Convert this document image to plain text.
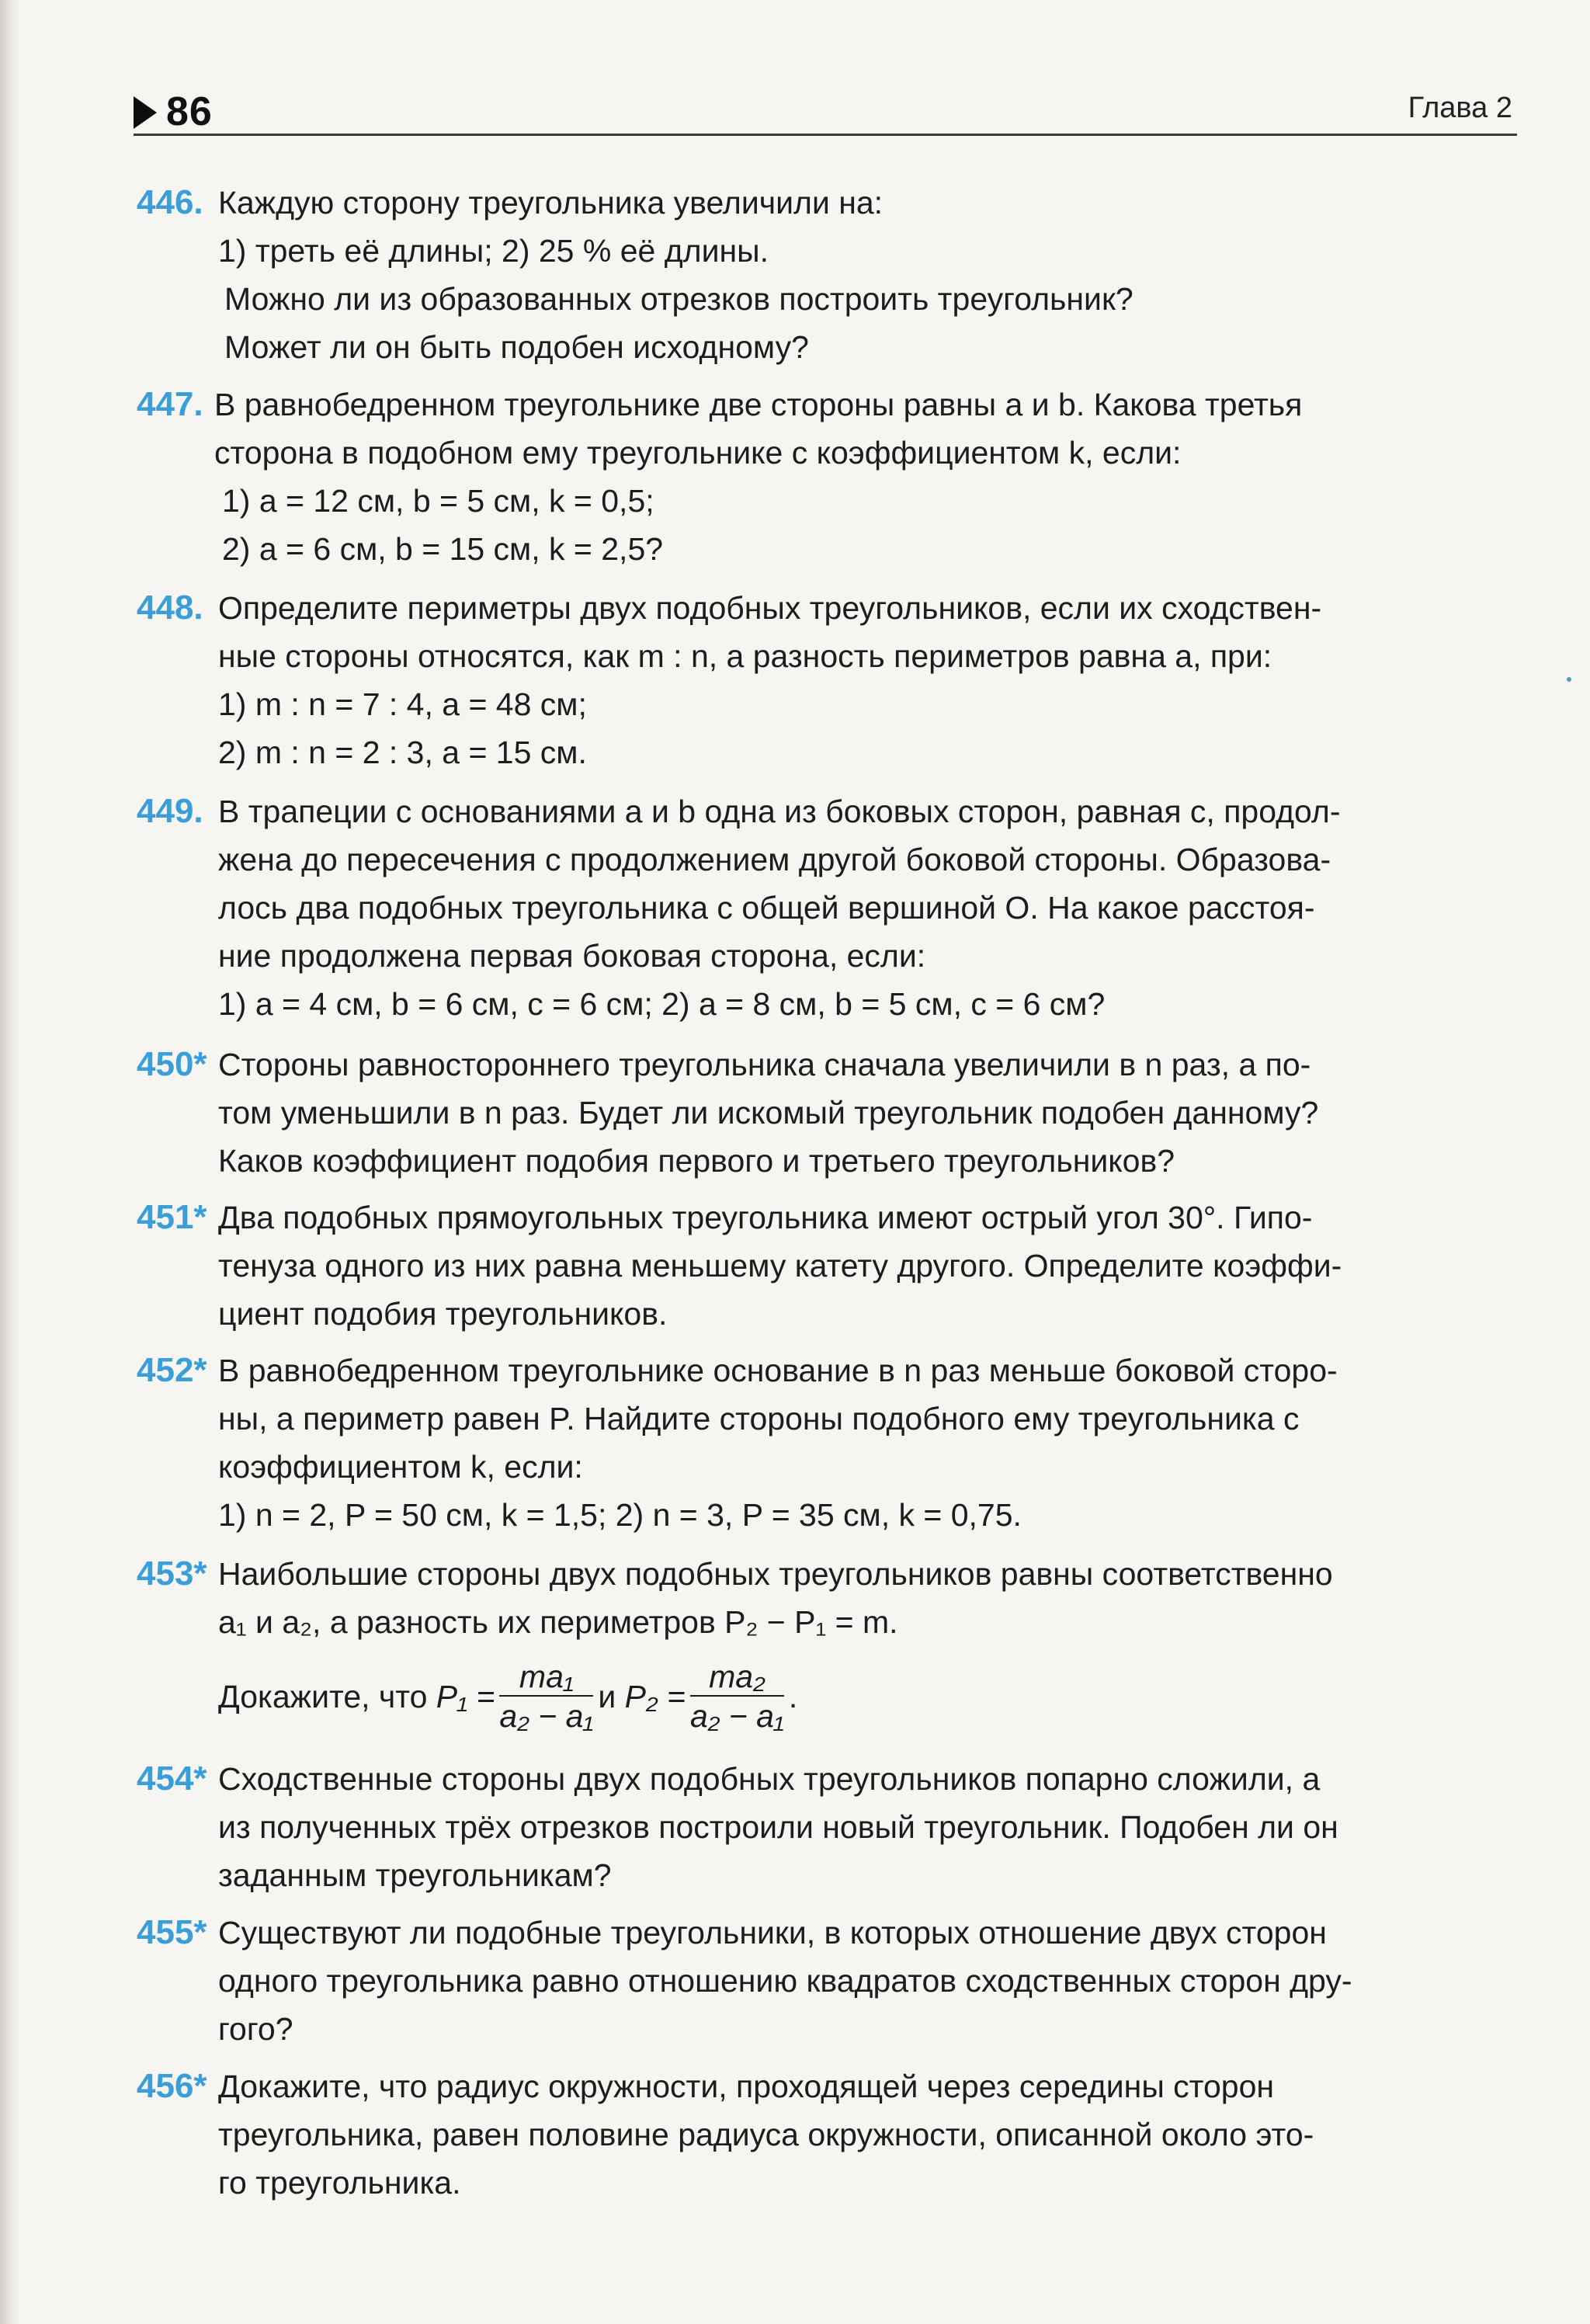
86	Глава 2
446. Каждую сторону треугольника увеличили на:
1) треть её длины; 2) 25 % её длины.
Можно ли из образованных отрезков построить треугольник?
Может ли он быть подобен исходному?
447. В равнобедренном треугольнике две стороны равны a и b. Какова третья
сторона в подобном ему треугольнике с коэффициентом k, если:
1) a = 12 см, b = 5 см, k = 0,5;
2) a = 6 см, b = 15 см, k = 2,5?
448. Определите периметры двух подобных треугольников, если их сходствен-
ные стороны относятся, как m : n, а разность периметров равна a, при:
1) m : n = 7 : 4, a = 48 см;
2) m : n = 2 : 3, a = 15 см.
449. В трапеции с основаниями a и b одна из боковых сторон, равная c, продол-
жена до пересечения с продолжением другой боковой стороны. Образова-
лось два подобных треугольника с общей вершиной O. На какое расстоя-
ние продолжена первая боковая сторона, если:
1) a = 4 см, b = 6 см, c = 6 см; 2) a = 8 см, b = 5 см, c = 6 см?
450* Стороны равностороннего треугольника сначала увеличили в n раз, а по-
том уменьшили в n раз. Будет ли искомый треугольник подобен данному?
Каков коэффициент подобия первого и третьего треугольников?
451* Два подобных прямоугольных треугольника имеют острый угол 30°. Гипо-
тенуза одного из них равна меньшему катету другого. Определите коэффи-
циент подобия треугольников.
452* В равнобедренном треугольнике основание в n раз меньше боковой сторо-
ны, а периметр равен P. Найдите стороны подобного ему треугольника с
коэффициентом k, если:
1) n = 2, P = 50 см, k = 1,5; 2) n = 3, P = 35 см, k = 0,75.
453* Наибольшие стороны двух подобных треугольников равны соответственно
a₁ и a₂, а разность их периметров P₂ − P₁ = m.
Докажите, что
$P_1 = \frac{\text{ma₁}}{\text{a₂ − a₁}}$ и
$P_2 = \frac{\text{ma₂}}{\text{a₂ − a₁}}$ .
454* Сходственные стороны двух подобных треугольников попарно сложили, а
из полученных трёх отрезков построили новый треугольник. Подобен ли он
заданным треугольникам?
455* Существуют ли подобные треугольники, в которых отношение двух сторон
одного треугольника равно отношению квадратов сходственных сторон дру-
гого?
456* Докажите, что радиус окружности, проходящей через середины сторон
треугольника, равен половине радиуса окружности, описанной около это-
го треугольника.
